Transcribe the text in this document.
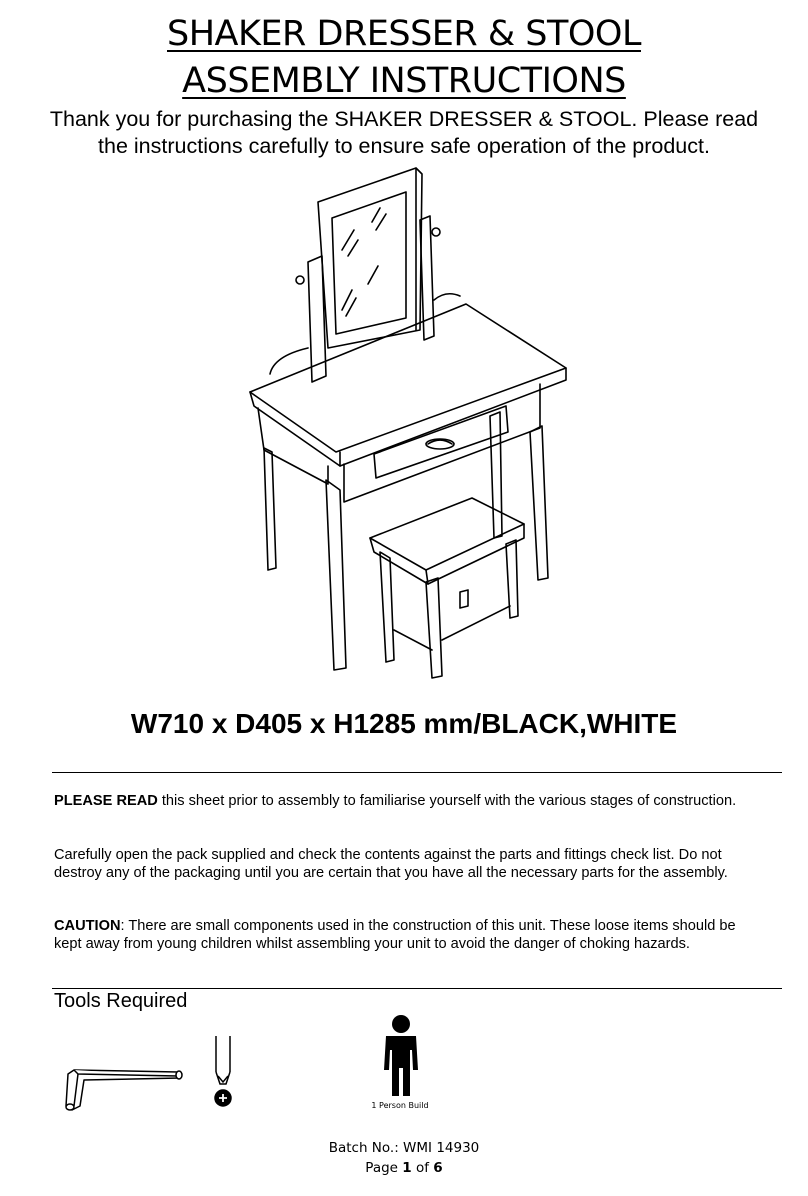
SHAKER DRESSER & STOOL
ASSEMBLY INSTRUCTIONS

Thank you for purchasing the SHAKER DRESSER & STOOL. Please read the instructions carefully to ensure safe operation of the product.

W710 x D405 x H1285 mm/BLACK,WHITE

PLEASE READ this sheet prior to assembly to familiarise yourself with the various stages of construction.

Carefully open the pack supplied and check the contents against the parts and fittings check list. Do not destroy any of the packaging until you are certain that you have all the necessary parts for the assembly.

CAUTION: There are small components used in the construction of this unit. These loose items should be kept away from young children whilst assembling your unit to avoid the danger of choking hazards.

Tools Required
1 Person Build
Batch No.: WMI 14930
Page 1 of 6
